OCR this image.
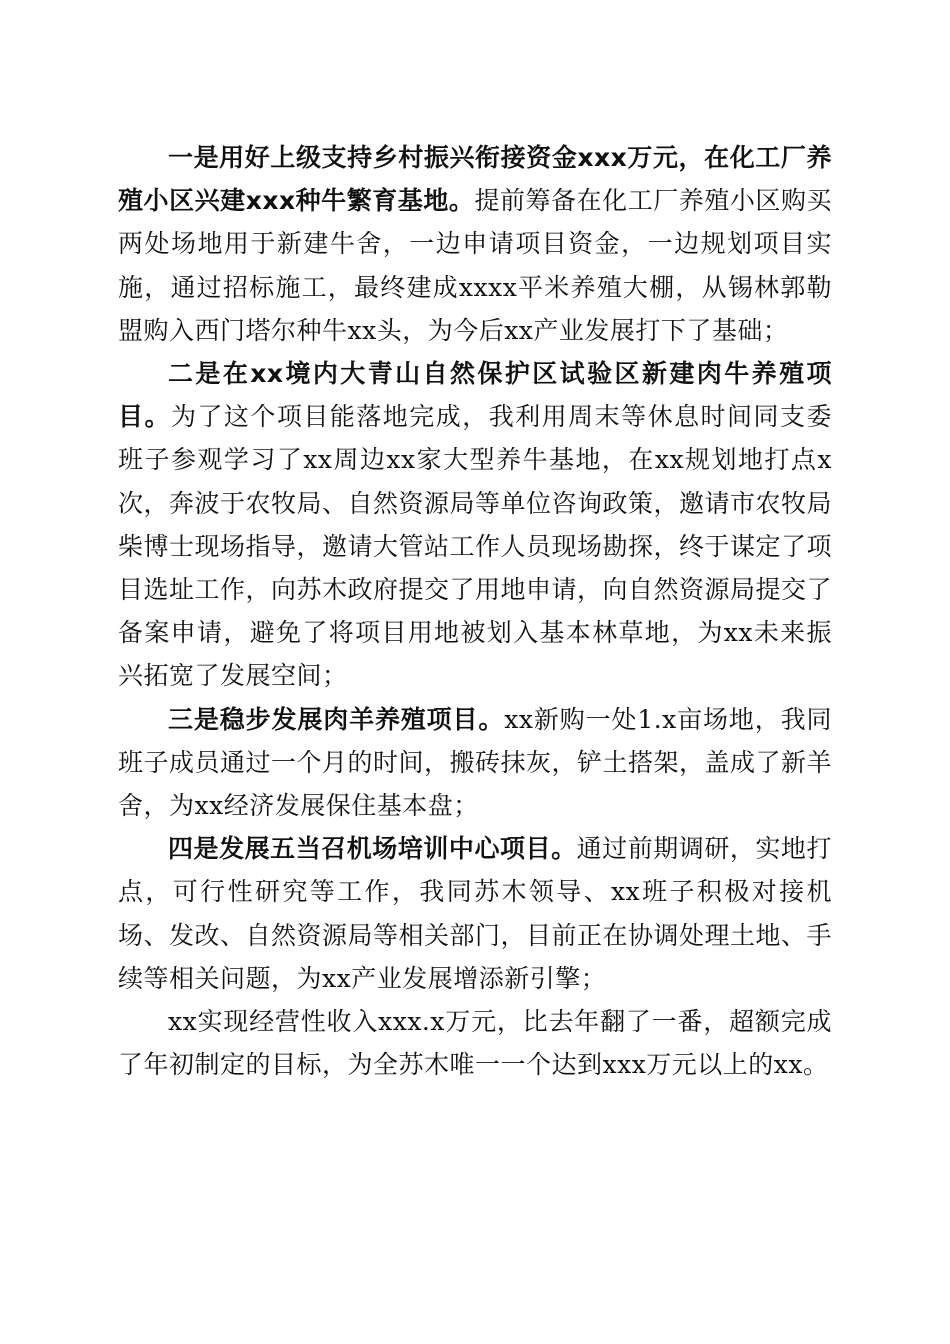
一是用好上级支持乡村振兴衔接资金xxx万元，在化工厂养殖小区兴建xxx种牛繁育基地。提前筹备在化工厂养殖小区购买两处场地用于新建牛舍，一边申请项目资金，一边规划项目实施，通过招标施工，最终建成xxxx平米养殖大棚，从锡林郭勒盟购入西门塔尔种牛xx头，为今后xx产业发展打下了基础；

二是在xx境内大青山自然保护区试验区新建肉牛养殖项目。为了这个项目能落地完成，我利用周末等休息时间同支委班子参观学习了xx周边xx家大型养牛基地，在xx规划地打点x次，奔波于农牧局、自然资源局等单位咨询政策，邀请市农牧局柴博士现场指导，邀请大管站工作人员现场勘探，终于谋定了项目选址工作，向苏木政府提交了用地申请，向自然资源局提交了备案申请，避免了将项目用地被划入基本林草地，为xx未来振兴拓宽了发展空间；

三是稳步发展肉羊养殖项目。xx新购一处1.x亩场地，我同班子成员通过一个月的时间，搬砖抹灰，铲土搭架，盖成了新羊舍，为xx经济发展保住基本盘；

四是发展五当召机场培训中心项目。通过前期调研，实地打点，可行性研究等工作，我同苏木领导、xx班子积极对接机场、发改、自然资源局等相关部门，目前正在协调处理土地、手续等相关问题，为xx产业发展增添新引擎；

xx实现经营性收入xxx.x万元，比去年翻了一番，超额完成了年初制定的目标，为全苏木唯一一个达到xxx万元以上的xx。
